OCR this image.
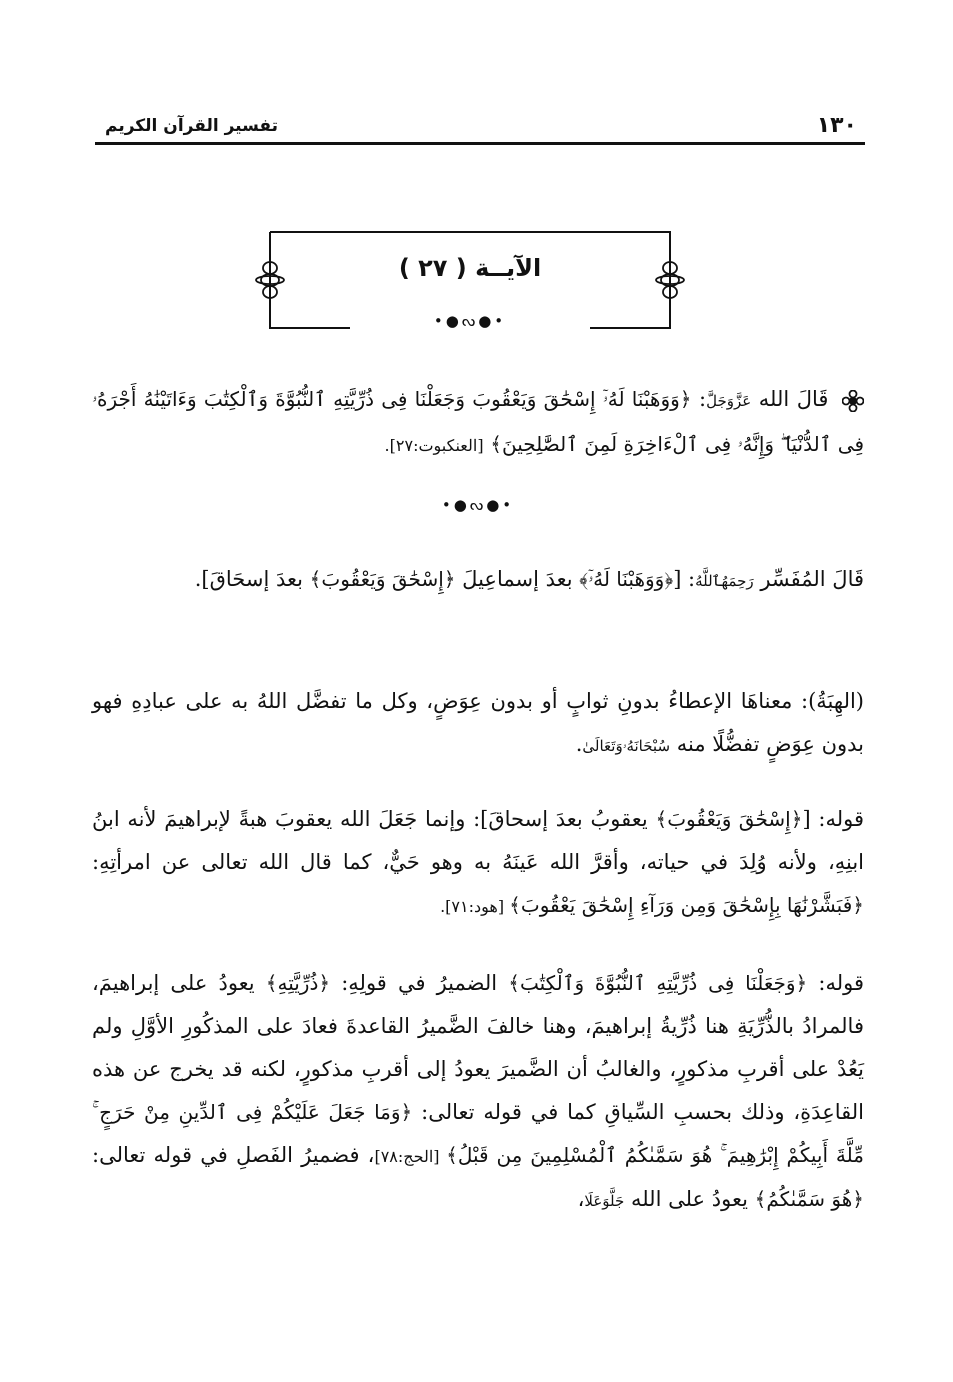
١٣٠
تفسير القرآن الكريم
الآيــة ( ٢٧ )
•●ᔓ●•
قَالَ الله عَزَّوَجَلَّ: ﴿وَوَهَبْنَا لَهُۥٓ إِسْحَٰقَ وَيَعْقُوبَ وَجَعَلْنَا فِى ذُرِّيَّتِهِ ٱلنُّبُوَّةَ وَٱلْكِتَٰبَ وَءَاتَيْنَٰهُ أَجْرَهُۥ فِى ٱلدُّنْيَا ۖ وَإِنَّهُۥ فِى ٱلْءَاخِرَةِ لَمِنَ ٱلصَّٰلِحِينَ﴾ [العنكبوت:٢٧].
•●ᔓ●•
قَالَ المُفَسِّر رَحِمَهُٱللَّهُ: [﴿وَوَهَبْنَا لَهُۥٓ﴾ بعدَ إسماعِيلَ ﴿إِسْحَٰقَ وَيَعْقُوبَ﴾ بعدَ إسحَاقَ].
(الهِبَةُ): معناهَا الإعطاءُ بدونِ ثوابٍ أو بدون عِوَضٍ، وكل ما تفضَّل اللهُ به على عبادِهِ فهو بدون عِوَضٍ تفضُّلًا منه سُبْحَانَهُۥوَتَعَالَىٰ.
قوله: [﴿إِسْحَٰقَ وَيَعْقُوبَ﴾ يعقوبُ بعدَ إسحاقَ]: وإنما جَعَلَ الله يعقوبَ هبةً لإبراهيمَ لأنه ابنُ ابنِهِ، ولأنه وُلِدَ في حياته، وأقرَّ الله عَينَهُ به وهو حَيٌّ، كما قال الله تعالى عن امرأتِهِ: ﴿فَبَشَّرْنَٰهَا بِإِسْحَٰقَ وَمِن وَرَآءِ إِسْحَٰقَ يَعْقُوبَ﴾ [هود:٧١].
قوله: ﴿وَجَعَلْنَا فِى ذُرِّيَّتِهِ ٱلنُّبُوَّةَ وَٱلْكِتَٰبَ﴾ الضميرُ في قولِهِ: ﴿ذُرِّيَّتِهِ﴾ يعودُ على إبراهيمَ، فالمرادُ بالذُّرِّيَةِ هنا ذُرِّيةُ إبراهيمَ، وهنا خالفَ الضَّميرُ القاعدةَ فعادَ على المذكُورِ الأوَّلِ ولم يَعُدْ على أقربِ مذكورٍ، والغالبُ أن الضَّميرَ يعودُ إلى أقربِ مذكورٍ، لكنه قد يخرج عن هذه القاعِدَةِ، وذلك بحسبِ السِّياقِ كما في قوله تعالى: ﴿وَمَا جَعَلَ عَلَيْكُمْ فِى ٱلدِّينِ مِنْ حَرَجٍ ۚ مِّلَّةَ أَبِيكُمْ إِبْرَٰهِيمَ ۚ هُوَ سَمَّىٰكُمُ ٱلْمُسْلِمِينَ مِن قَبْلُ﴾ [الحج:٧٨]، فضميرُ الفَصلِ في قوله تعالى: ﴿هُوَ سَمَّىٰكُمُ﴾ يعودُ على الله جَلَّوَعَلَا،
